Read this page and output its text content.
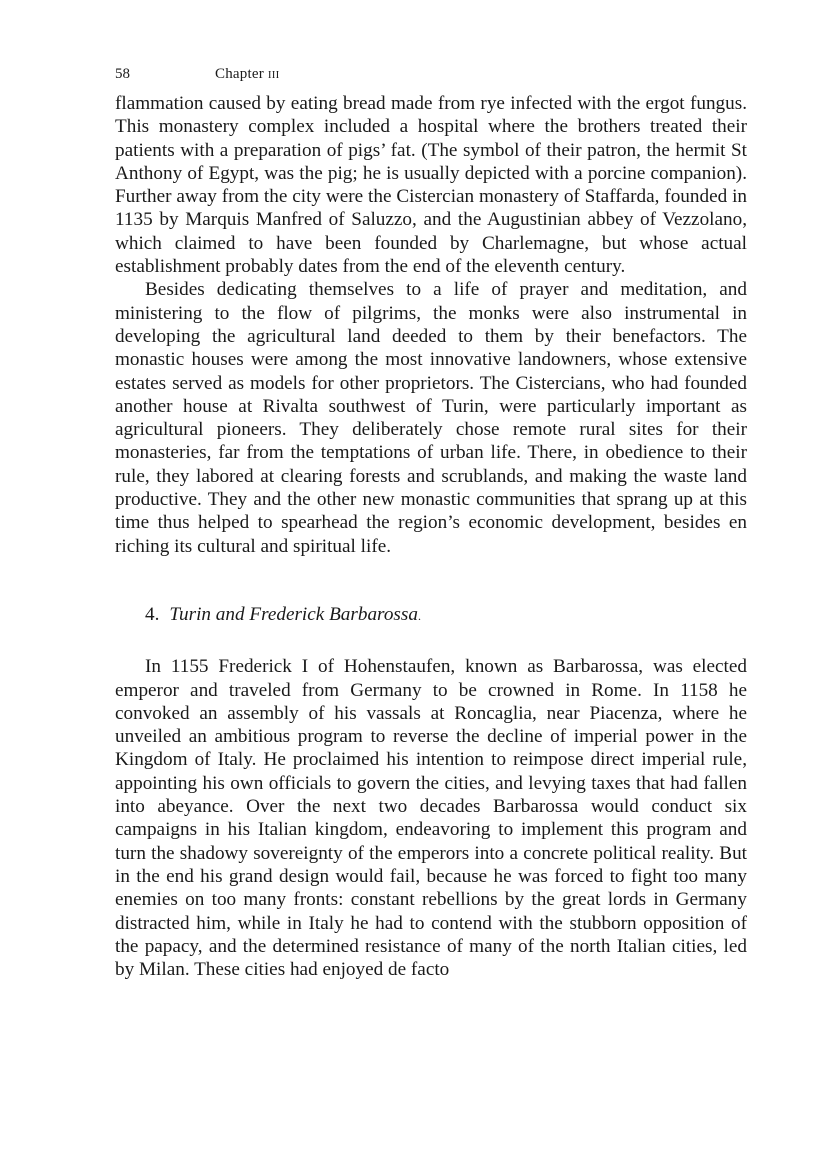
58	Chapter iii

flammation caused by eating bread made from rye infected with the ergot fungus. This monastery complex included a hospital where the brothers treated their patients with a preparation of pigs’ fat. (The symbol of their patron, the hermit St Anthony of Egypt, was the pig; he is usually depicted with a porcine companion). Further away from the city were the Cistercian monastery of Staffarda, founded in 1135 by Marquis Manfred of Saluzzo, and the Augustinian abbey of Vezzolano, which claimed to have been founded by Charlemagne, but whose actual establishment probably dates from the end of the eleventh century.

Besides dedicating themselves to a life of prayer and meditation, and ministering to the flow of pilgrims, the monks were also instrumental in developing the agricultural land deeded to them by their benefactors. The monastic houses were among the most innovative landowners, whose extensive estates served as models for other proprietors. The Cistercians, who had founded another house at Rivalta southwest of Turin, were particularly important as agricultural pioneers. They deliberately chose remote rural sites for their monasteries, far from the temptations of urban life. There, in obedience to their rule, they labored at clearing forests and scrublands, and making the waste land productive. They and the other new monastic communities that sprang up at this time thus helped to spearhead the region’s economic development, besides en riching its cultural and spiritual life.

4. Turin and Frederick Barbarossa.

In 1155 Frederick I of Hohenstaufen, known as Barbarossa, was elected emperor and traveled from Germany to be crowned in Rome. In 1158 he convoked an assembly of his vassals at Roncaglia, near Piacenza, where he unveiled an ambitious program to reverse the decline of imperial power in the Kingdom of Italy. He proclaimed his intention to reimpose direct imperial rule, appointing his own officials to govern the cities, and levying taxes that had fallen into abeyance. Over the next two decades Barbarossa would conduct six campaigns in his Italian kingdom, endeavoring to implement this program and turn the shadowy sovereignty of the emperors into a concrete political reality. But in the end his grand design would fail, because he was forced to fight too many enemies on too many fronts: constant rebellions by the great lords in Germany distracted him, while in Italy he had to contend with the stubborn opposition of the papacy, and the determined resistance of many of the north Italian cities, led by Milan. These cities had enjoyed de facto
